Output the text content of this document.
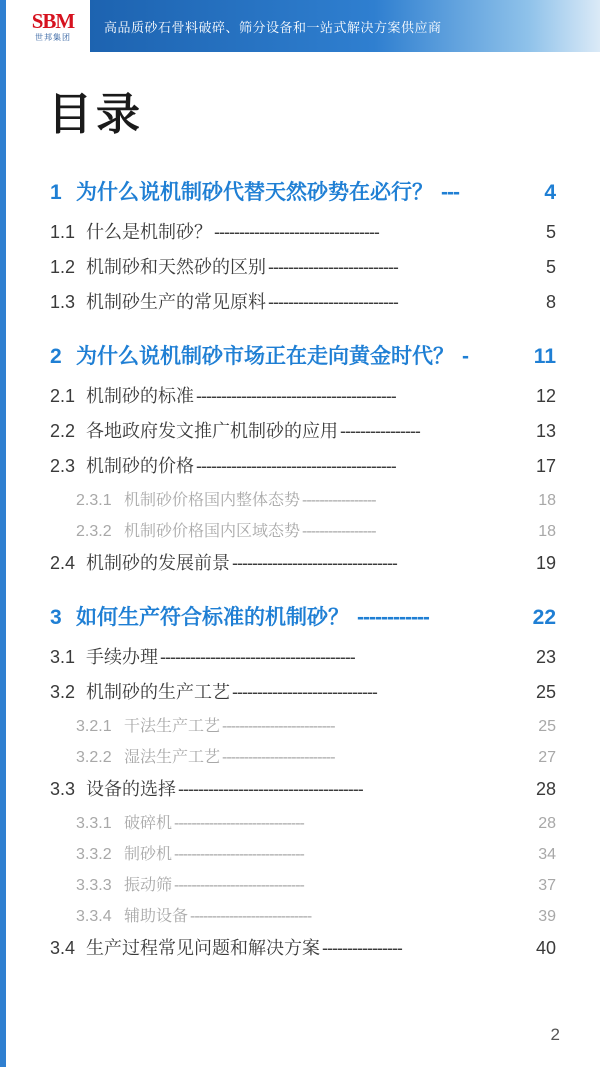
SBM
世邦集团
高品质砂石骨料破碎、筛分设备和一站式解决方案供应商
目录
1 为什么说机制砂代替天然砂势在必行？ ---	4
1.1 什么是机制砂？ ---------------------------------	5
1.2 机制砂和天然砂的区别 --------------------------	5
1.3 机制砂生产的常见原料 --------------------------	8
2 为什么说机制砂市场正在走向黄金时代？ -	11
2.1 机制砂的标准 ----------------------------------------	12
2.2 各地政府发文推广机制砂的应用 ----------------	13
2.3 机制砂的价格 ----------------------------------------	17
2.3.1 机制砂价格国内整体态势 -----------------	18
2.3.2 机制砂价格国内区域态势 -----------------	18
2.4 机制砂的发展前景 ---------------------------------	19
3 如何生产符合标准的机制砂？ ------------	22
3.1 手续办理 ---------------------------------------	23
3.2 机制砂的生产工艺 -----------------------------	25
3.2.1 干法生产工艺 --------------------------	25
3.2.2 湿法生产工艺 --------------------------	27
3.3 设备的选择 -------------------------------------	28
3.3.1 破碎机 ------------------------------	28
3.3.2 制砂机 ------------------------------	34
3.3.3 振动筛 ------------------------------	37
3.3.4 辅助设备 ----------------------------	39
3.4 生产过程常见问题和解决方案 ----------------	40
2
